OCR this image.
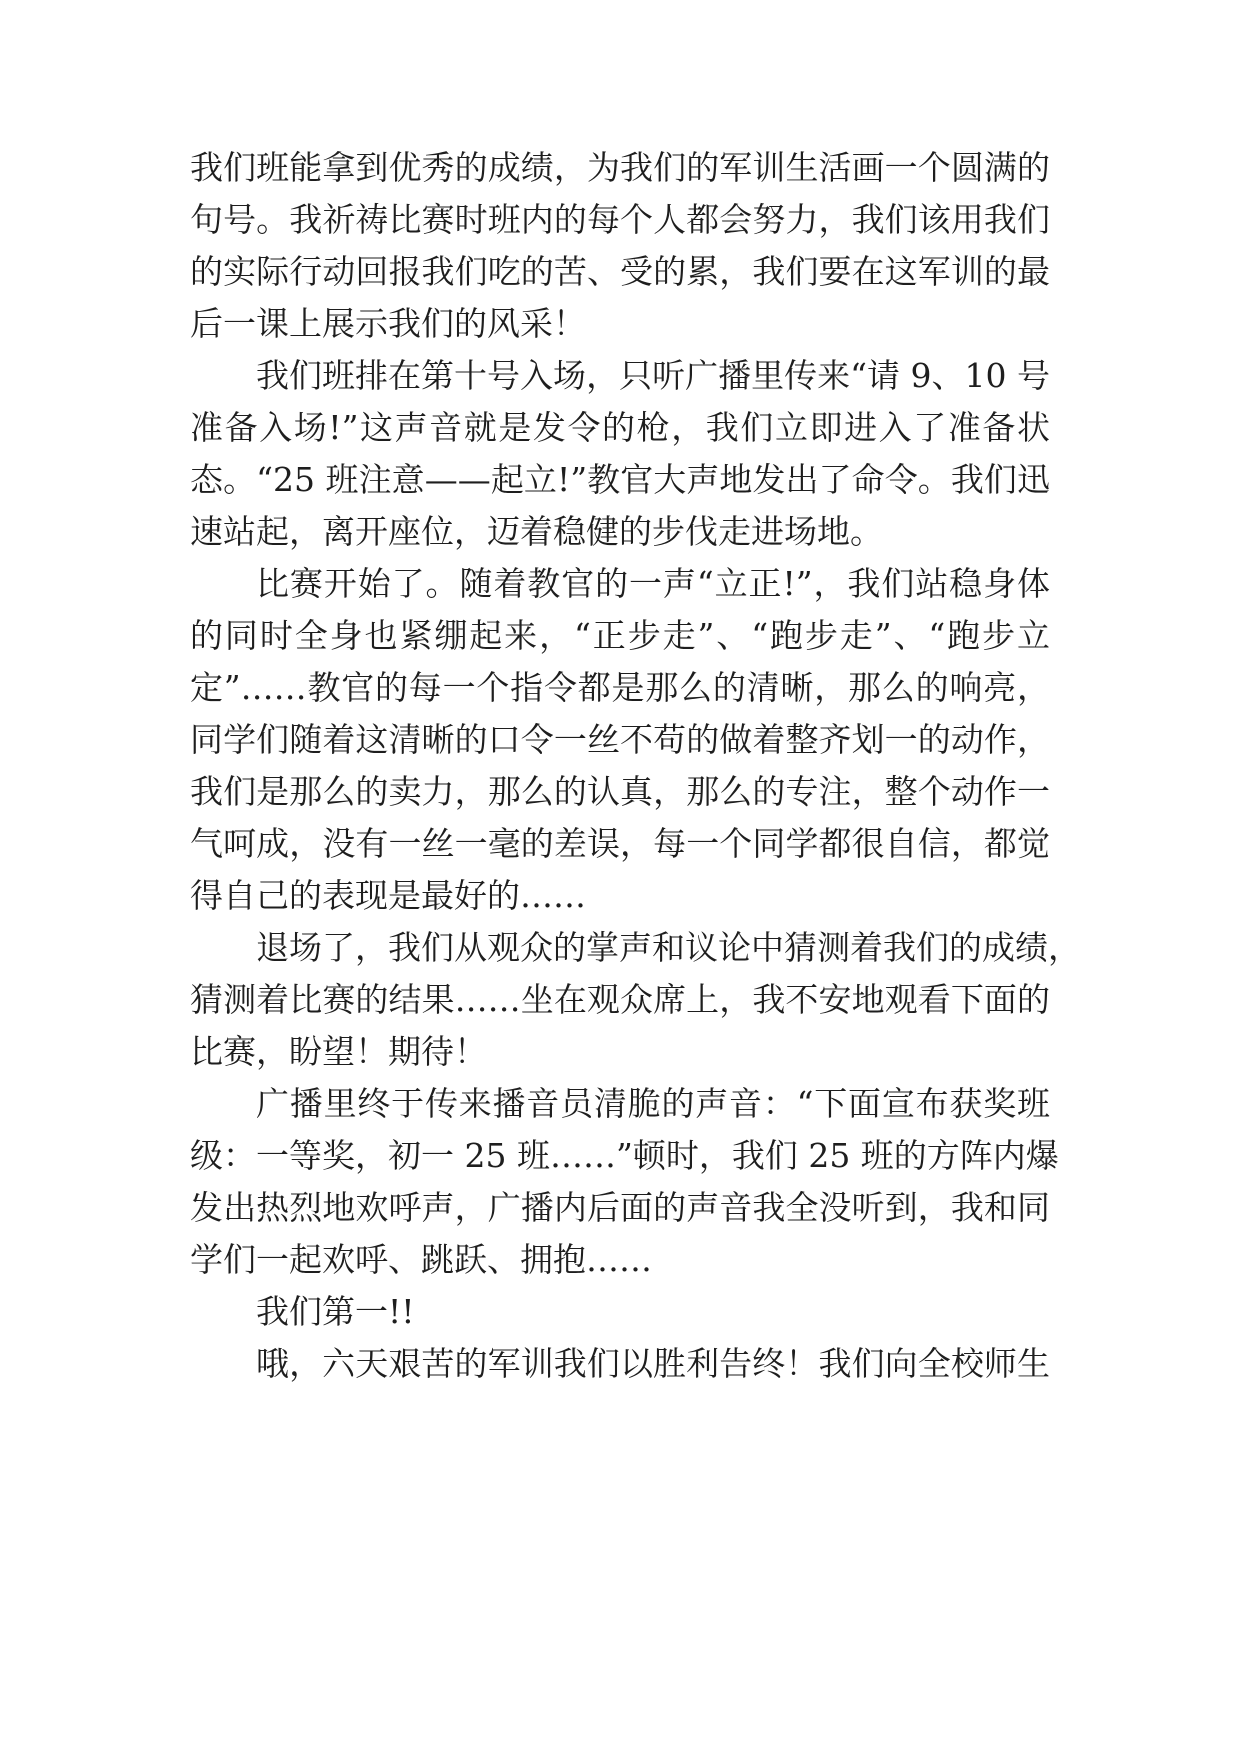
我们班能拿到优秀的成绩，为我们的军训生活画一个圆满的
句号。我祈祷比赛时班内的每个人都会努力，我们该用我们
的实际行动回报我们吃的苦、受的累，我们要在这军训的最
后一课上展示我们的风采！
我们班排在第十号入场，只听广播里传来“请 9、10 号
准备入场!”这声音就是发令的枪，我们立即进入了准备状
态。“25 班注意——起立!”教官大声地发出了命令。我们迅
速站起，离开座位，迈着稳健的步伐走进场地。
比赛开始了。随着教官的一声“立正!”，我们站稳身体
的同时全身也紧绷起来，“正步走”、“跑步走”、“跑步立
定”……教官的每一个指令都是那么的清晰，那么的响亮，
同学们随着这清晰的口令一丝不苟的做着整齐划一的动作，
我们是那么的卖力，那么的认真，那么的专注，整个动作一
气呵成，没有一丝一毫的差误，每一个同学都很自信，都觉
得自己的表现是最好的……
退场了，我们从观众的掌声和议论中猜测着我们的成绩，
猜测着比赛的结果……坐在观众席上，我不安地观看下面的
比赛，盼望！期待！
广播里终于传来播音员清脆的声音：“下面宣布获奖班
级：一等奖，初一 25 班……”顿时，我们 25 班的方阵内爆
发出热烈地欢呼声，广播内后面的声音我全没听到，我和同
学们一起欢呼、跳跃、拥抱……
我们第一!!
哦，六天艰苦的军训我们以胜利告终！我们向全校师生
